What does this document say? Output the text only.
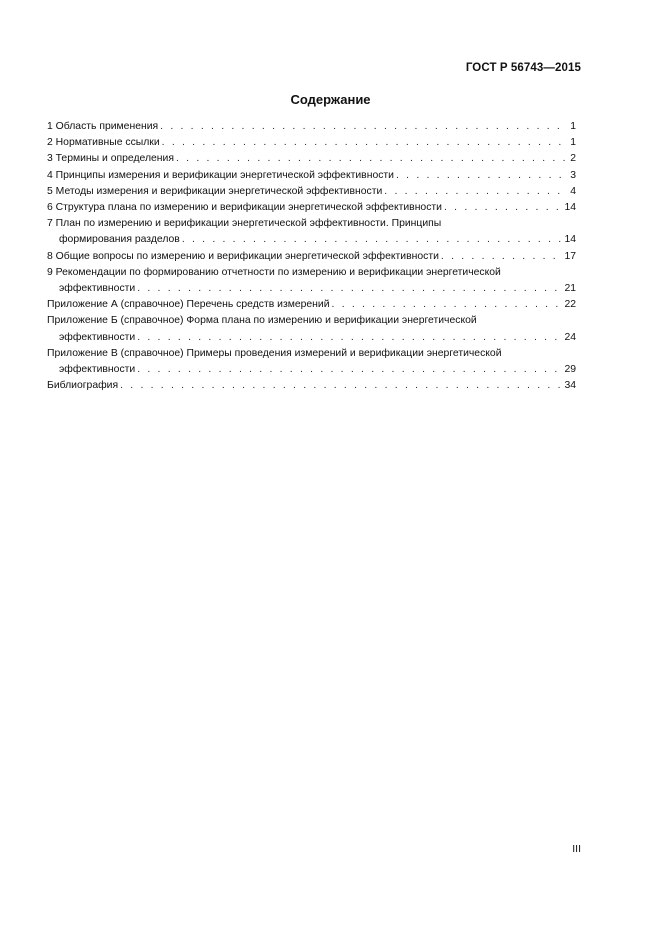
ГОСТ Р 56743—2015
Содержание
1 Область применения . . .	1
2 Нормативные ссылки . . .	1
3 Термины и определения . . .	2
4 Принципы измерения и верификации энергетической эффективности . . .	3
5 Методы измерения и верификации энергетической эффективности . . .	4
6 Структура плана по измерению и верификации энергетической эффективности . . .	14
7 План по измерению и верификации энергетической эффективности. Принципы
формирования разделов . . .	14
8 Общие вопросы по измерению и верификации энергетической эффективности . . .	17
9 Рекомендации по формированию отчетности по измерению и верификации энергетической
эффективности . . .	21
Приложение А (справочное) Перечень средств измерений . . .	22
Приложение Б (справочное) Форма плана по измерению и верификации энергетической
эффективности . . .	24
Приложение В (справочное) Примеры проведения измерений и верификации энергетической
эффективности . . .	29
Библиография . . .	34
III
